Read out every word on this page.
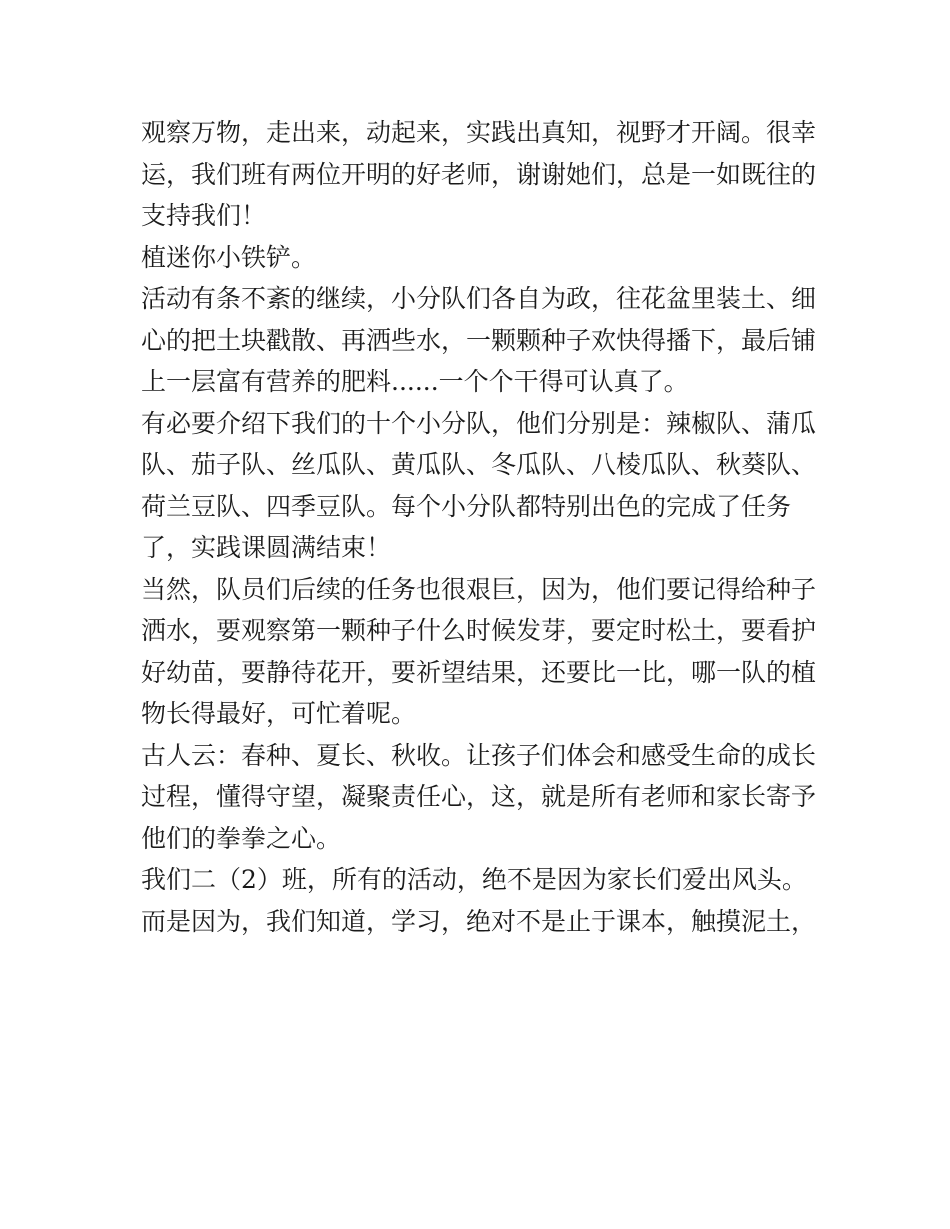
观察万物，走出来，动起来，实践出真知，视野才开阔。很幸

运，我们班有两位开明的好老师，谢谢她们，总是一如既往的

支持我们！

植迷你小铁铲。

活动有条不紊的继续，小分队们各自为政，往花盆里装土、细

心的把土块戳散、再洒些水，一颗颗种子欢快得播下，最后铺

上一层富有营养的肥料......一个个干得可认真了。

有必要介绍下我们的十个小分队，他们分别是：辣椒队、蒲瓜

队、茄子队、丝瓜队、黄瓜队、冬瓜队、八棱瓜队、秋葵队、

荷兰豆队、四季豆队。每个小分队都特别出色的完成了任务

了，实践课圆满结束！

当然，队员们后续的任务也很艰巨，因为，他们要记得给种子

洒水，要观察第一颗种子什么时候发芽，要定时松土，要看护

好幼苗，要静待花开，要祈望结果，还要比一比，哪一队的植

物长得最好，可忙着呢。

古人云：春种、夏长、秋收。让孩子们体会和感受生命的成长

过程，懂得守望，凝聚责任心，这，就是所有老师和家长寄予

他们的拳拳之心。

我们二（2）班，所有的活动，绝不是因为家长们爱出风头。

而是因为，我们知道，学习，绝对不是止于课本，触摸泥土，
